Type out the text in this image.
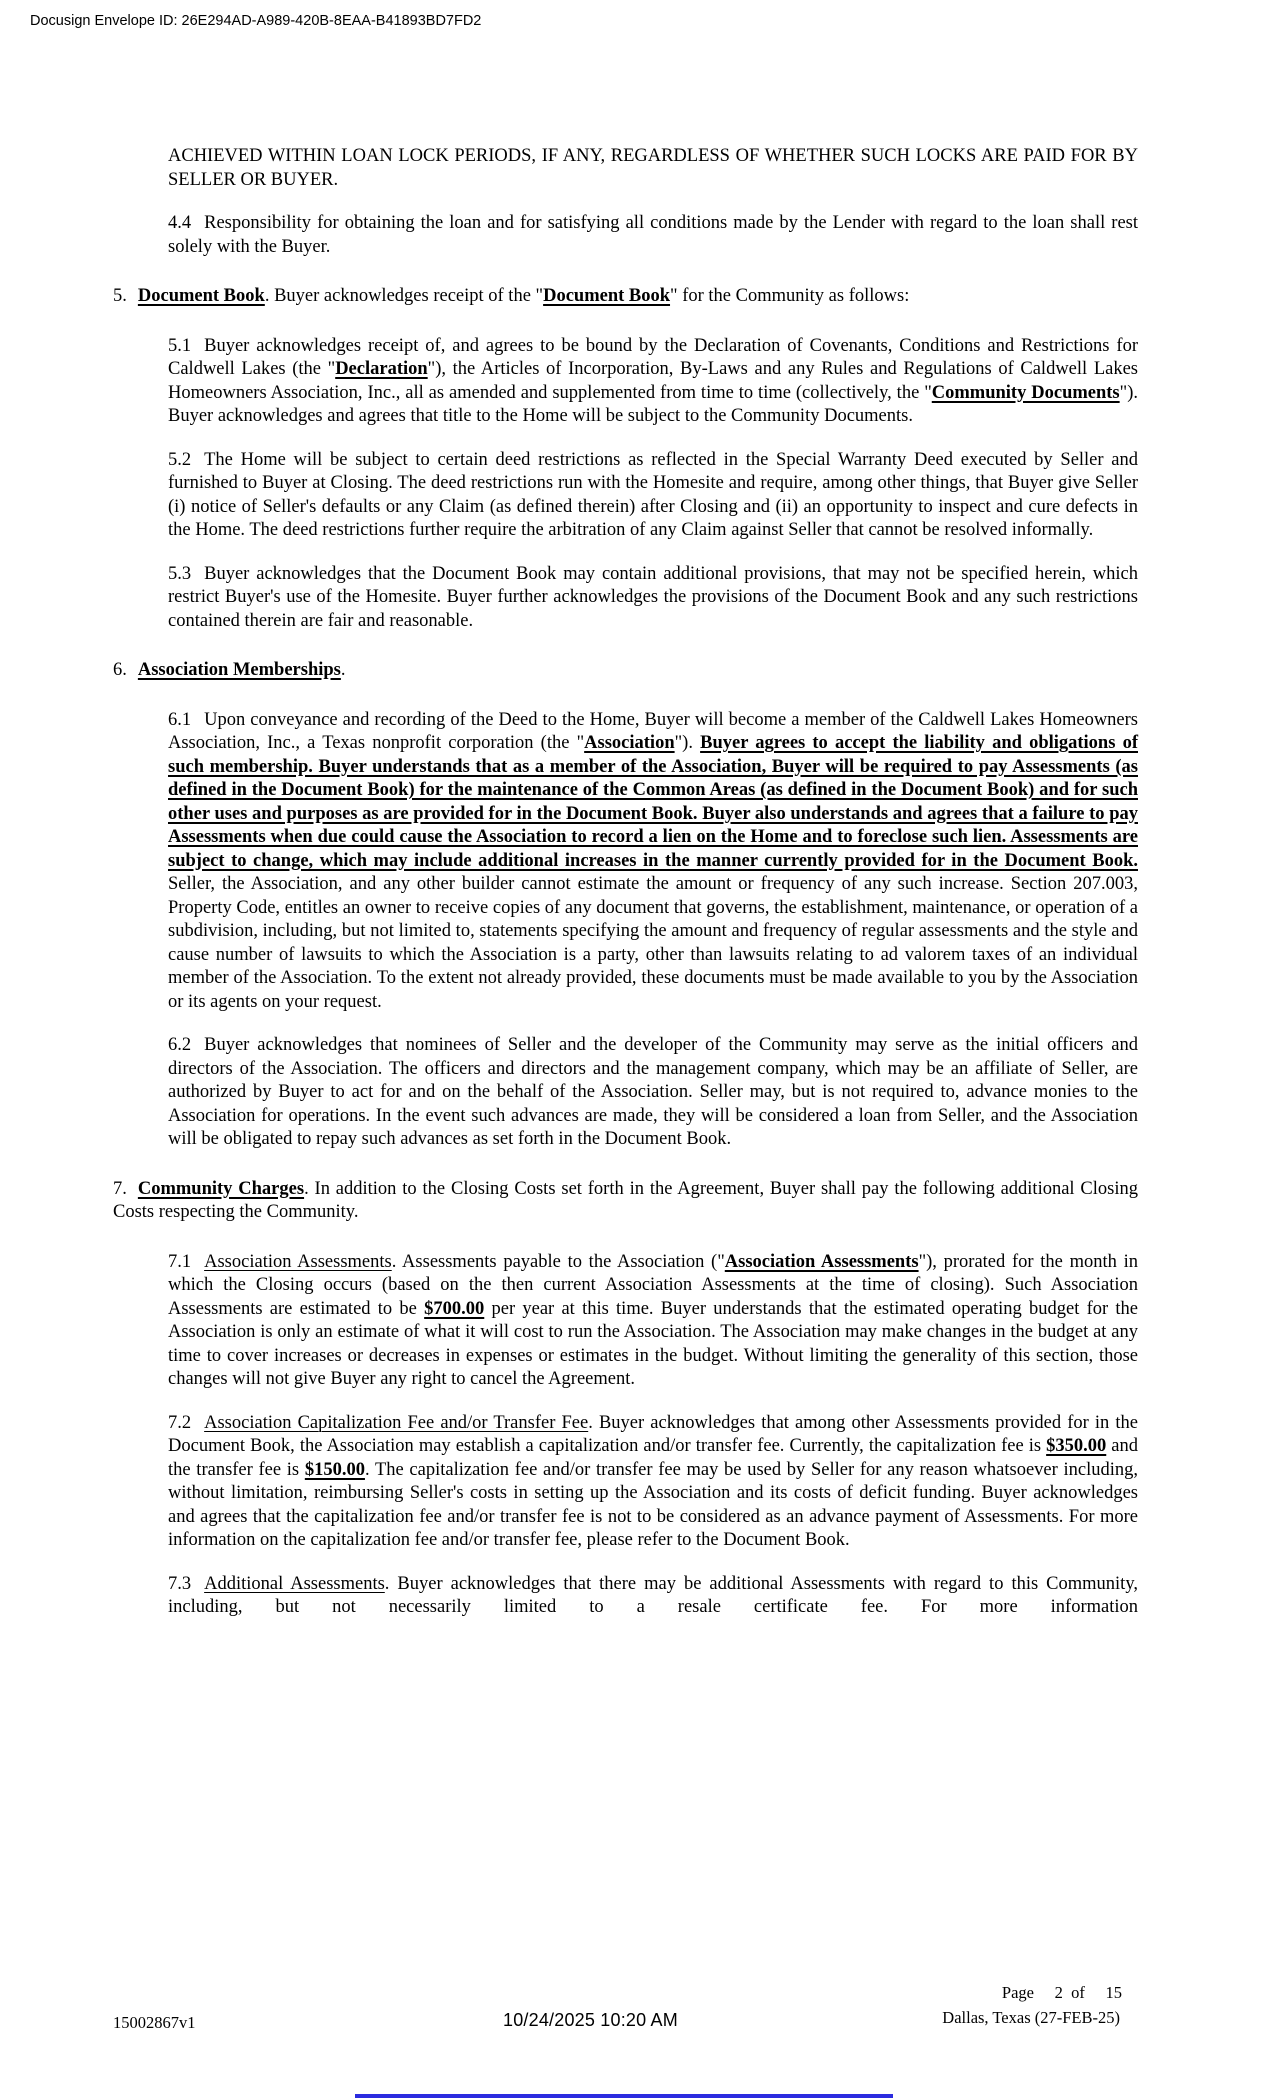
Docusign Envelope ID: 26E294AD-A989-420B-8EAA-B41893BD7FD2

ACHIEVED WITHIN LOAN LOCK PERIODS, IF ANY, REGARDLESS OF WHETHER SUCH LOCKS ARE PAID FOR BY SELLER OR BUYER.

4.4 Responsibility for obtaining the loan and for satisfying all conditions made by the Lender with regard to the loan shall rest solely with the Buyer.

5. Document Book. Buyer acknowledges receipt of the "Document Book" for the Community as follows:

5.1 Buyer acknowledges receipt of, and agrees to be bound by the Declaration of Covenants, Conditions and Restrictions for Caldwell Lakes (the "Declaration"), the Articles of Incorporation, By-Laws and any Rules and Regulations of Caldwell Lakes Homeowners Association, Inc., all as amended and supplemented from time to time (collectively, the "Community Documents"). Buyer acknowledges and agrees that title to the Home will be subject to the Community Documents.

5.2 The Home will be subject to certain deed restrictions as reflected in the Special Warranty Deed executed by Seller and furnished to Buyer at Closing. The deed restrictions run with the Homesite and require, among other things, that Buyer give Seller (i) notice of Seller's defaults or any Claim (as defined therein) after Closing and (ii) an opportunity to inspect and cure defects in the Home. The deed restrictions further require the arbitration of any Claim against Seller that cannot be resolved informally.

5.3 Buyer acknowledges that the Document Book may contain additional provisions, that may not be specified herein, which restrict Buyer's use of the Homesite. Buyer further acknowledges the provisions of the Document Book and any such restrictions contained therein are fair and reasonable.

6. Association Memberships.

6.1 Upon conveyance and recording of the Deed to the Home, Buyer will become a member of the Caldwell Lakes Homeowners Association, Inc., a Texas nonprofit corporation (the "Association"). Buyer agrees to accept the liability and obligations of such membership. Buyer understands that as a member of the Association, Buyer will be required to pay Assessments (as defined in the Document Book) for the maintenance of the Common Areas (as defined in the Document Book) and for such other uses and purposes as are provided for in the Document Book. Buyer also understands and agrees that a failure to pay Assessments when due could cause the Association to record a lien on the Home and to foreclose such lien. Assessments are subject to change, which may include additional increases in the manner currently provided for in the Document Book. Seller, the Association, and any other builder cannot estimate the amount or frequency of any such increase. Section 207.003, Property Code, entitles an owner to receive copies of any document that governs, the establishment, maintenance, or operation of a subdivision, including, but not limited to, statements specifying the amount and frequency of regular assessments and the style and cause number of lawsuits to which the Association is a party, other than lawsuits relating to ad valorem taxes of an individual member of the Association. To the extent not already provided, these documents must be made available to you by the Association or its agents on your request.

6.2 Buyer acknowledges that nominees of Seller and the developer of the Community may serve as the initial officers and directors of the Association. The officers and directors and the management company, which may be an affiliate of Seller, are authorized by Buyer to act for and on the behalf of the Association. Seller may, but is not required to, advance monies to the Association for operations. In the event such advances are made, they will be considered a loan from Seller, and the Association will be obligated to repay such advances as set forth in the Document Book.

7. Community Charges. In addition to the Closing Costs set forth in the Agreement, Buyer shall pay the following additional Closing Costs respecting the Community.

7.1 Association Assessments. Assessments payable to the Association ("Association Assessments"), prorated for the month in which the Closing occurs (based on the then current Association Assessments at the time of closing). Such Association Assessments are estimated to be $700.00 per year at this time. Buyer understands that the estimated operating budget for the Association is only an estimate of what it will cost to run the Association. The Association may make changes in the budget at any time to cover increases or decreases in expenses or estimates in the budget. Without limiting the generality of this section, those changes will not give Buyer any right to cancel the Agreement.

7.2 Association Capitalization Fee and/or Transfer Fee. Buyer acknowledges that among other Assessments provided for in the Document Book, the Association may establish a capitalization and/or transfer fee. Currently, the capitalization fee is $350.00 and the transfer fee is $150.00. The capitalization fee and/or transfer fee may be used by Seller for any reason whatsoever including, without limitation, reimbursing Seller's costs in setting up the Association and its costs of deficit funding. Buyer acknowledges and agrees that the capitalization fee and/or transfer fee is not to be considered as an advance payment of Assessments. For more information on the capitalization fee and/or transfer fee, please refer to the Document Book.

7.3 Additional Assessments. Buyer acknowledges that there may be additional Assessments with regard to this Community, including, but not necessarily limited to a resale certificate fee. For more information

Page     2  of     15
Dallas, Texas (27-FEB-25)
15002867v1	10/24/2025 10:20 AM
